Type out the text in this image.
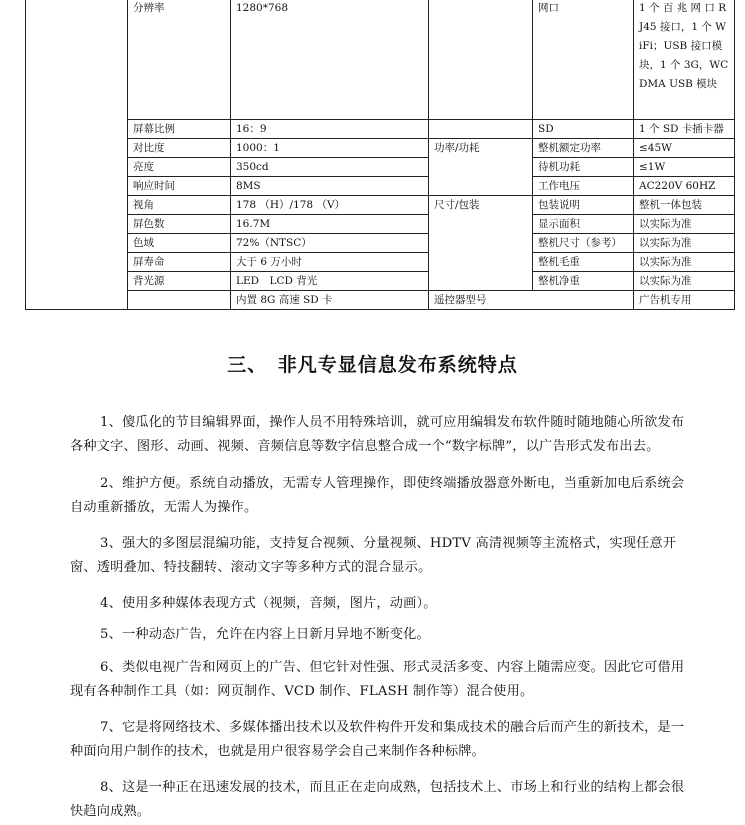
	分辨率	1280*768		网口	1 个 百 兆 网 口 RJ45 接口，1 个 WiFi；USB 接口模块，1 个 3G，WCDMA USB 模块
	屏幕比例	16：9		SD	1 个 SD 卡插卡器
	对比度	1000：1	功率/功耗	整机额定功率	≤45W
	亮度	350cd		待机功耗	≤1W
	响应时间	8MS		工作电压	AC220V 60HZ
	视角	178 （H）/178 （V）	尺寸/包装	包装说明	整机一体包装
	屏色数	16.7M		显示面积	以实际为准
	色域	72%（NTSC）		整机尺寸（参考）	以实际为准
	屏寿命	大于 6 万小时		整机毛重	以实际为准
	背光源	LED　LCD 背光		整机净重	以实际为准
		内置 8G 高速 SD 卡	遥控器型号		广告机专用
三、　非凡专显信息发布系统特点

1、傻瓜化的节目编辑界面，操作人员不用特殊培训，就可应用编辑发布软件随时随地随心所欲发布各种文字、图形、动画、视频、音频信息等数字信息整合成一个“数字标牌”，以广告形式发布出去。

2、维护方便。系统自动播放，无需专人管理操作，即使终端播放器意外断电，当重新加电后系统会自动重新播放，无需人为操作。

3、强大的多图层混编功能，支持复合视频、分量视频、HDTV 高清视频等主流格式，实现任意开窗、透明叠加、特技翻转、滚动文字等多种方式的混合显示。

4、使用多种媒体表现方式（视频，音频，图片，动画）。

5、一种动态广告，允许在内容上日新月异地不断变化。

6、类似电视广告和网页上的广告、但它针对性强、形式灵活多变、内容上随需应变。因此它可借用现有各种制作工具（如：网页制作、VCD 制作、FLASH 制作等）混合使用。

7、它是将网络技术、多媒体播出技术以及软件构件开发和集成技术的融合后而产生的新技术，是一种面向用户制作的技术，也就是用户很容易学会自己来制作各种标牌。

8、这是一种正在迅速发展的技术，而且正在走向成熟，包括技术上、市场上和行业的结构上都会很快趋向成熟。
